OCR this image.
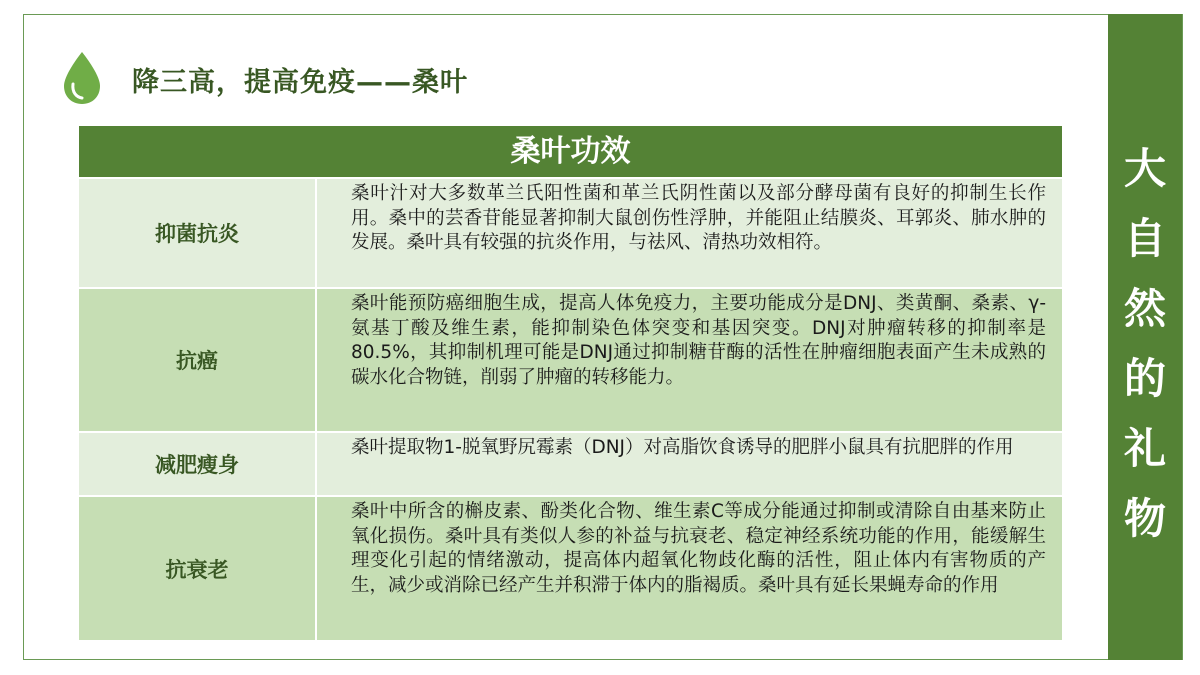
降三高，提高免疫——桑叶
桑叶功效
抑菌抗炎
桑叶汁对大多数革兰氏阳性菌和革兰氏阴性菌以及部分酵母菌有良好的抑制生长作用。桑中的芸香苷能显著抑制大鼠创伤性浮肿，并能阻止结膜炎、耳郭炎、肺水肿的发展。桑叶具有较强的抗炎作用，与祛风、清热功效相符。
抗癌
桑叶能预防癌细胞生成，提高人体免疫力，主要功能成分是DNJ、类黄酮、桑素、γ-氨基丁酸及维生素，能抑制染色体突变和基因突变。DNJ对肿瘤转移的抑制率是80.5%，其抑制机理可能是DNJ通过抑制糖苷酶的活性在肿瘤细胞表面产生未成熟的碳水化合物链，削弱了肿瘤的转移能力。
减肥瘦身
桑叶提取物1-脱氧野尻霉素（DNJ）对高脂饮食诱导的肥胖小鼠具有抗肥胖的作用
抗衰老
桑叶中所含的槲皮素、酚类化合物、维生素C等成分能通过抑制或清除自由基来防止氧化损伤。桑叶具有类似人参的补益与抗衰老、稳定神经系统功能的作用，能缓解生理变化引起的情绪激动，提高体内超氧化物歧化酶的活性，阻止体内有害物质的产生，减少或消除已经产生并积滞于体内的脂褐质。桑叶具有延长果蝇寿命的作用
大
自
然
的
礼
物
